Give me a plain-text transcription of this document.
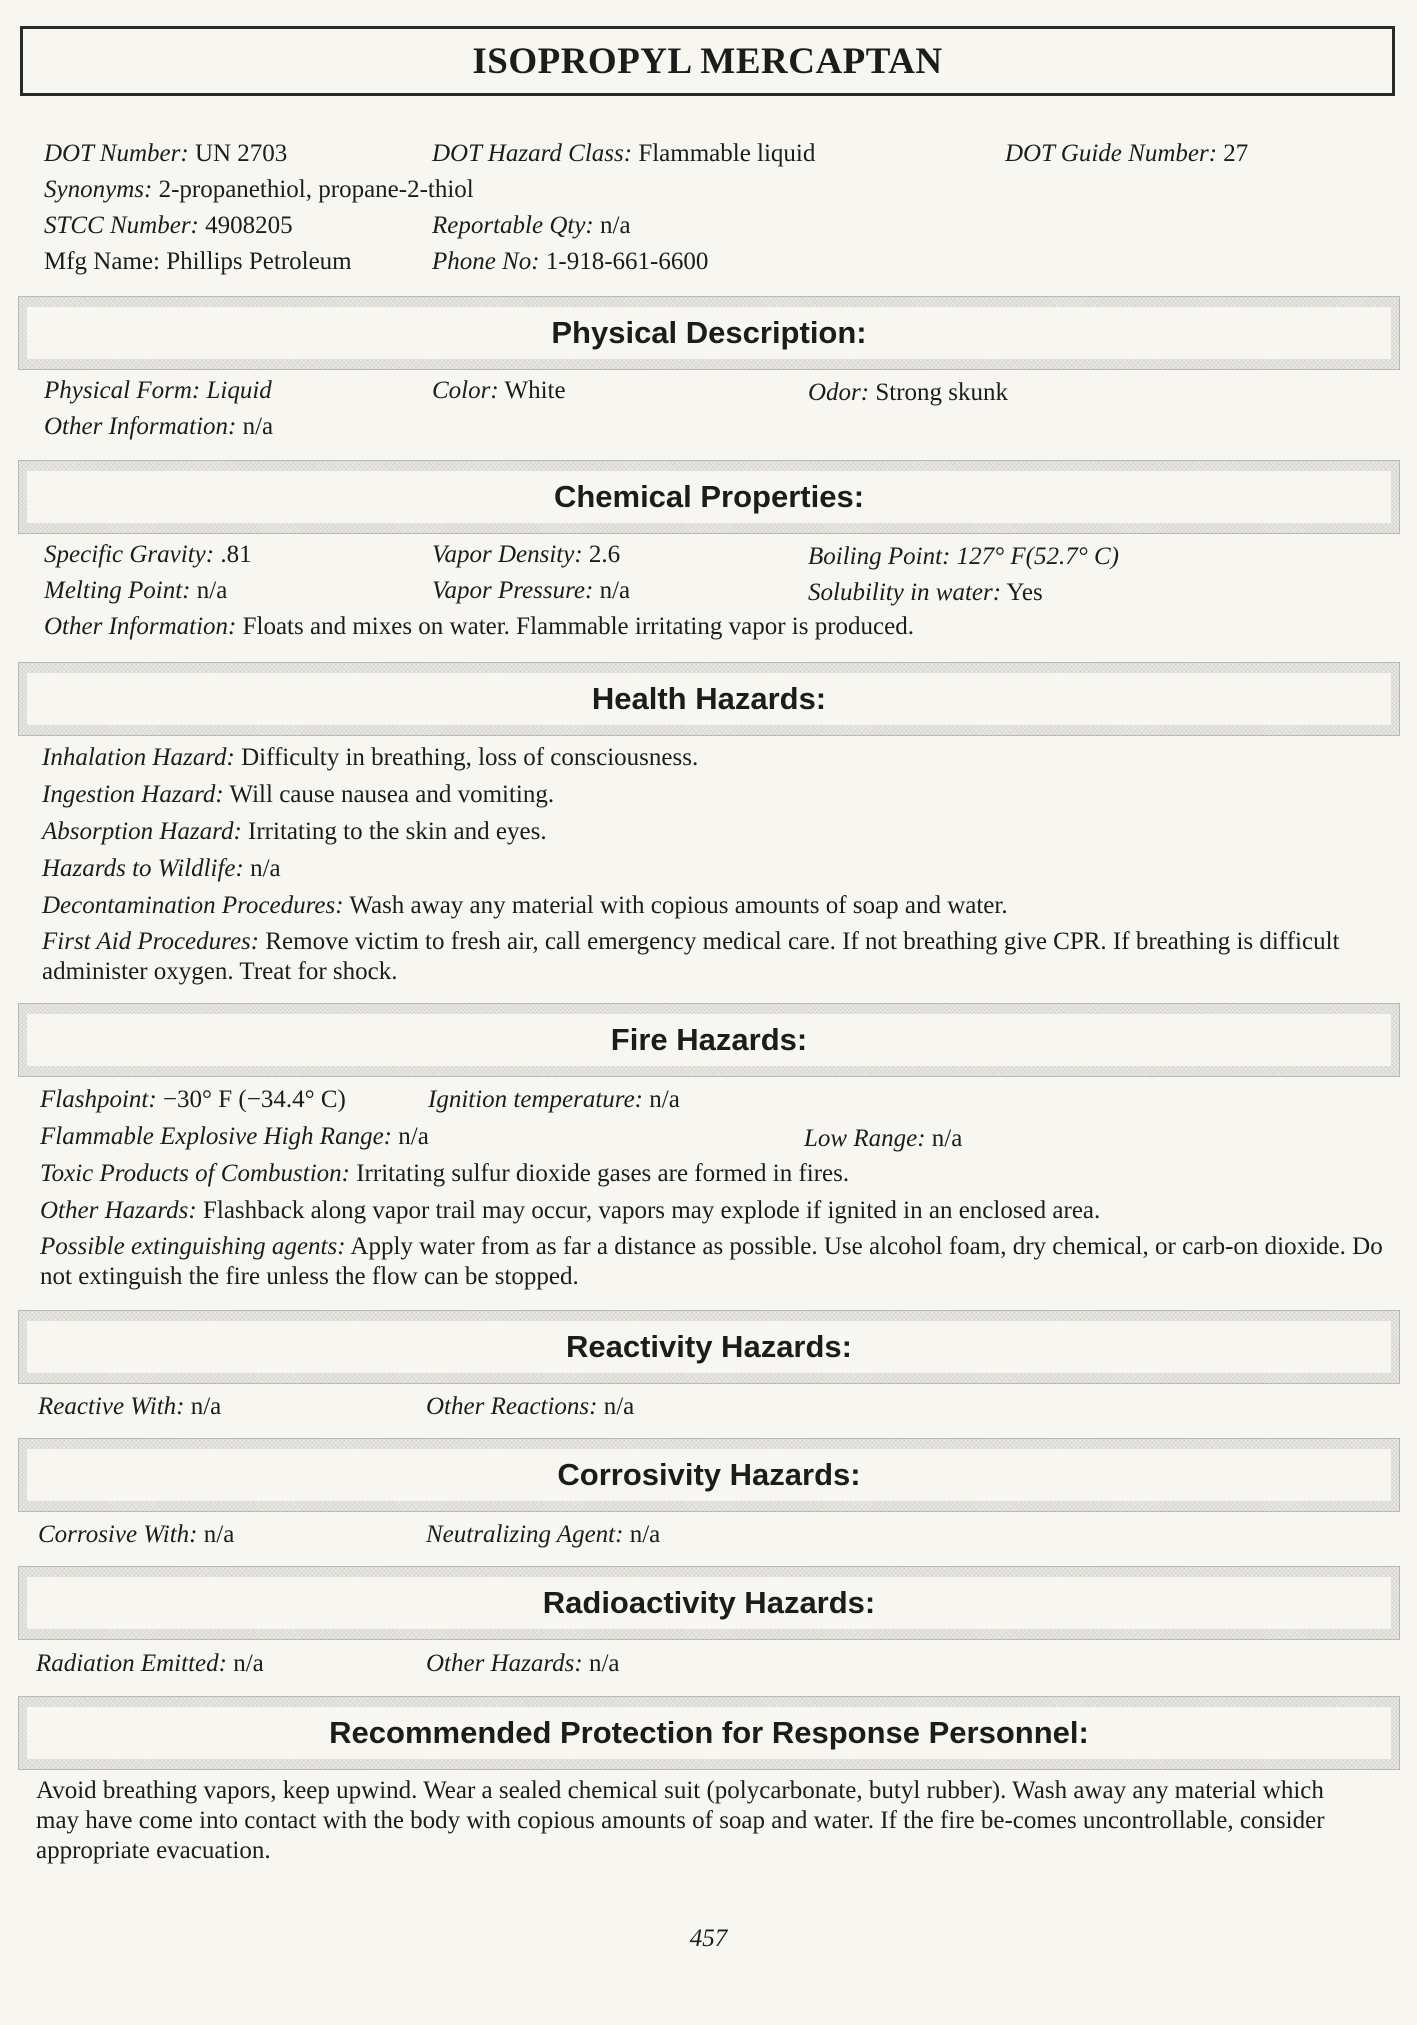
ISOPROPYL MERCAPTAN
DOT Number: UN 2703	DOT Hazard Class: Flammable liquid	DOT Guide Number: 27
Synonyms: 2-propanethiol, propane-2-thiol
STCC Number: 4908205	Reportable Qty: n/a
Mfg Name: Phillips Petroleum	Phone No: 1-918-661-6600
Physical Description:
Physical Form: Liquid	Color: White	Odor: Strong skunk
Other Information: n/a
Chemical Properties:
Specific Gravity: .81	Vapor Density: 2.6	Boiling Point: 127° F(52.7° C)
Melting Point: n/a	Vapor Pressure: n/a	Solubility in water: Yes
Other Information: Floats and mixes on water. Flammable irritating vapor is produced.
Health Hazards:
Inhalation Hazard: Difficulty in breathing, loss of consciousness.
Ingestion Hazard: Will cause nausea and vomiting.
Absorption Hazard: Irritating to the skin and eyes.
Hazards to Wildlife: n/a
Decontamination Procedures: Wash away any material with copious amounts of soap and water.
First Aid Procedures: Remove victim to fresh air, call emergency medical care. If not breathing give CPR. If breathing is difficult administer oxygen. Treat for shock.
Fire Hazards:
Flashpoint: −30° F (−34.4° C)	Ignition temperature: n/a
Flammable Explosive High Range: n/a	Low Range: n/a
Toxic Products of Combustion: Irritating sulfur dioxide gases are formed in fires.
Other Hazards: Flashback along vapor trail may occur, vapors may explode if ignited in an enclosed area.
Possible extinguishing agents: Apply water from as far a distance as possible. Use alcohol foam, dry chemical, or carb-on dioxide. Do not extinguish the fire unless the flow can be stopped.
Reactivity Hazards:
Reactive With: n/a	Other Reactions: n/a
Corrosivity Hazards:
Corrosive With: n/a	Neutralizing Agent: n/a
Radioactivity Hazards:
Radiation Emitted: n/a	Other Hazards: n/a
Recommended Protection for Response Personnel:
Avoid breathing vapors, keep upwind. Wear a sealed chemical suit (polycarbonate, butyl rubber). Wash away any material which may have come into contact with the body with copious amounts of soap and water. If the fire be-comes uncontrollable, consider appropriate evacuation.
457
